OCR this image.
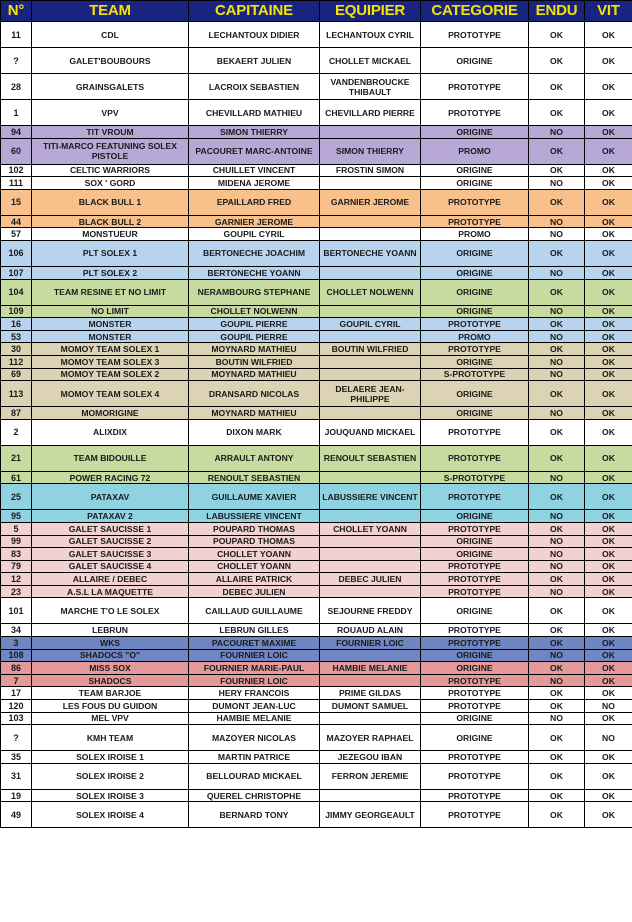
N°	TEAM	CAPITAINE	EQUIPIER	CATEGORIE	ENDU	VIT
11	CDL	LECHANTOUX DIDIER	LECHANTOUX CYRIL	PROTOTYPE	OK	OK
?	GALET'BOUBOURS	BEKAERT JULIEN	CHOLLET MICKAEL	ORIGINE	OK	OK
28	GRAINSGALETS	LACROIX SEBASTIEN	VANDENBROUCKE THIBAULT	PROTOTYPE	OK	OK
1	VPV	CHEVILLARD MATHIEU	CHEVILLARD PIERRE	PROTOTYPE	OK	OK
94	TIT VROUM	SIMON THIERRY		ORIGINE	NO	OK
60	TITI-MARCO FEATUNING SOLEX PISTOLE	PACOURET MARC-ANTOINE	SIMON THIERRY	PROMO	OK	OK
102	CELTIC WARRIORS	CHUILLET VINCENT	FROSTIN SIMON	ORIGINE	OK	OK
111	SOX ' GORD	MIDENA JEROME		ORIGINE	NO	OK
15	BLACK BULL 1	EPAILLARD FRED	GARNIER JEROME	PROTOTYPE	OK	OK
44	BLACK BULL 2	GARNIER JEROME		PROTOTYPE	NO	OK
57	MONSTUEUR	GOUPIL CYRIL		PROMO	NO	OK
106	PLT SOLEX 1	BERTONECHE JOACHIM	BERTONECHE YOANN	ORIGINE	OK	OK
107	PLT SOLEX 2	BERTONECHE YOANN		ORIGINE	NO	OK
104	TEAM RESINE ET NO LIMIT	NERAMBOURG STEPHANE	CHOLLET NOLWENN	ORIGINE	OK	OK
109	NO LIMIT	CHOLLET NOLWENN		ORIGINE	NO	OK
16	MONSTER	GOUPIL PIERRE	GOUPIL CYRIL	PROTOTYPE	OK	OK
53	MONSTER	GOUPIL PIERRE		PROMO	NO	OK
30	MOMOY TEAM SOLEX 1	MOYNARD MATHIEU	BOUTIN WILFRIED	PROTOTYPE	OK	OK
112	MOMOY TEAM SOLEX 3	BOUTIN WILFRIED		ORIGINE	NO	OK
69	MOMOY TEAM SOLEX 2	MOYNARD MATHIEU		S-PROTOTYPE	NO	OK
113	MOMOY TEAM SOLEX 4	DRANSARD NICOLAS	DELAERE JEAN-PHILIPPE	ORIGINE	OK	OK
87	MOMORIGINE	MOYNARD MATHIEU		ORIGINE	NO	OK
2	ALIXDIX	DIXON MARK	JOUQUAND MICKAEL	PROTOTYPE	OK	OK
21	TEAM BIDOUILLE	ARRAULT ANTONY	RENOULT SEBASTIEN	PROTOTYPE	OK	OK
61	POWER RACING 72	RENOULT SEBASTIEN		S-PROTOTYPE	NO	OK
25	PATAXAV	GUILLAUME XAVIER	LABUSSIERE VINCENT	PROTOTYPE	OK	OK
95	PATAXAV 2	LABUSSIERE VINCENT		ORIGINE	NO	OK
5	GALET SAUCISSE 1	POUPARD THOMAS	CHOLLET YOANN	PROTOTYPE	OK	OK
99	GALET SAUCISSE 2	POUPARD THOMAS		ORIGINE	NO	OK
83	GALET SAUCISSE 3	CHOLLET YOANN		ORIGINE	NO	OK
79	GALET SAUCISSE 4	CHOLLET YOANN		PROTOTYPE	NO	OK
12	ALLAIRE / DEBEC	ALLAIRE PATRICK	DEBEC JULIEN	PROTOTYPE	OK	OK
23	A.S.L LA MAQUETTE	DEBEC JULIEN		PROTOTYPE	NO	OK
101	MARCHE T'O LE SOLEX	CAILLAUD GUILLAUME	SEJOURNE FREDDY	ORIGINE	OK	OK
34	LEBRUN	LEBRUN GILLES	ROUAUD ALAIN	PROTOTYPE	OK	OK
3	WKS	PACOURET MAXIME	FOURNIER LOIC	PROTOTYPE	OK	OK
108	SHADOCS "O"	FOURNIER LOIC		ORIGINE	NO	OK
86	MISS SOX	FOURNIER MARIE-PAUL	HAMBIE MELANIE	ORIGINE	OK	OK
7	SHADOCS	FOURNIER LOIC		PROTOTYPE	NO	OK
17	TEAM BARJOE	HERY FRANCOIS	PRIME GILDAS	PROTOTYPE	OK	OK
120	LES FOUS DU GUIDON	DUMONT JEAN-LUC	DUMONT SAMUEL	PROTOTYPE	OK	NO
103	MEL VPV	HAMBIE MELANIE		ORIGINE	NO	OK
?	KMH TEAM	MAZOYER NICOLAS	MAZOYER RAPHAEL	ORIGINE	OK	NO
35	SOLEX IROISE 1	MARTIN PATRICE	JEZEGOU IBAN	PROTOTYPE	OK	OK
31	SOLEX IROISE 2	BELLOURAD MICKAEL	FERRON JEREMIE	PROTOTYPE	OK	OK
19	SOLEX IROISE 3	QUEREL CHRISTOPHE		PROTOTYPE	OK	OK
49	SOLEX IROISE 4	BERNARD TONY	JIMMY GEORGEAULT	PROTOTYPE	OK	OK
